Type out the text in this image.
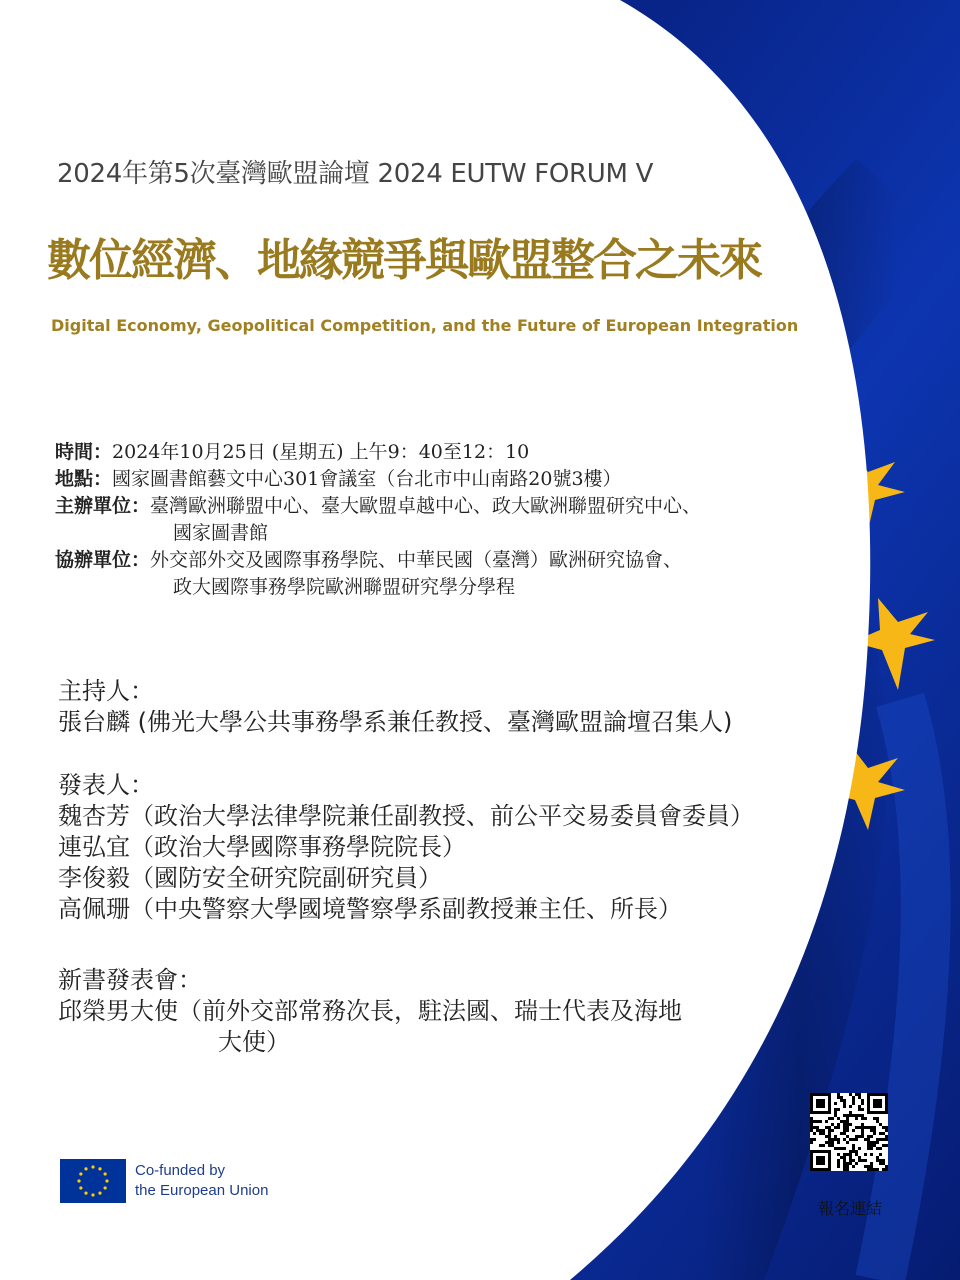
2024年第5次臺灣歐盟論壇 2024 EUTW FORUM V
數位經濟、地緣競爭與歐盟整合之未來
Digital Economy, Geopolitical Competition, and the Future of European Integration
時間： 2024年10月25日 (星期五) 上午9：40至12：10
地點： 國家圖書館藝文中心301會議室（台北市中山南路20號3樓）
主辦單位： 臺灣歐洲聯盟中心、臺大歐盟卓越中心、政大歐洲聯盟研究中心、
國家圖書館
協辦單位： 外交部外交及國際事務學院、中華民國（臺灣）歐洲研究協會、
政大國際事務學院歐洲聯盟研究學分學程
主持人：
張台麟 (佛光大學公共事務學系兼任教授、臺灣歐盟論壇召集人)
發表人：
魏杏芳（政治大學法律學院兼任副教授、前公平交易委員會委員）
連弘宜（政治大學國際事務學院院長）
李俊毅（國防安全研究院副研究員）
高佩珊（中央警察大學國境警察學系副教授兼主任、所長）
新書發表會：
邱榮男大使（前外交部常務次長，駐法國、瑞士代表及海地
大使）
Co-funded by
the European Union
報名連結
